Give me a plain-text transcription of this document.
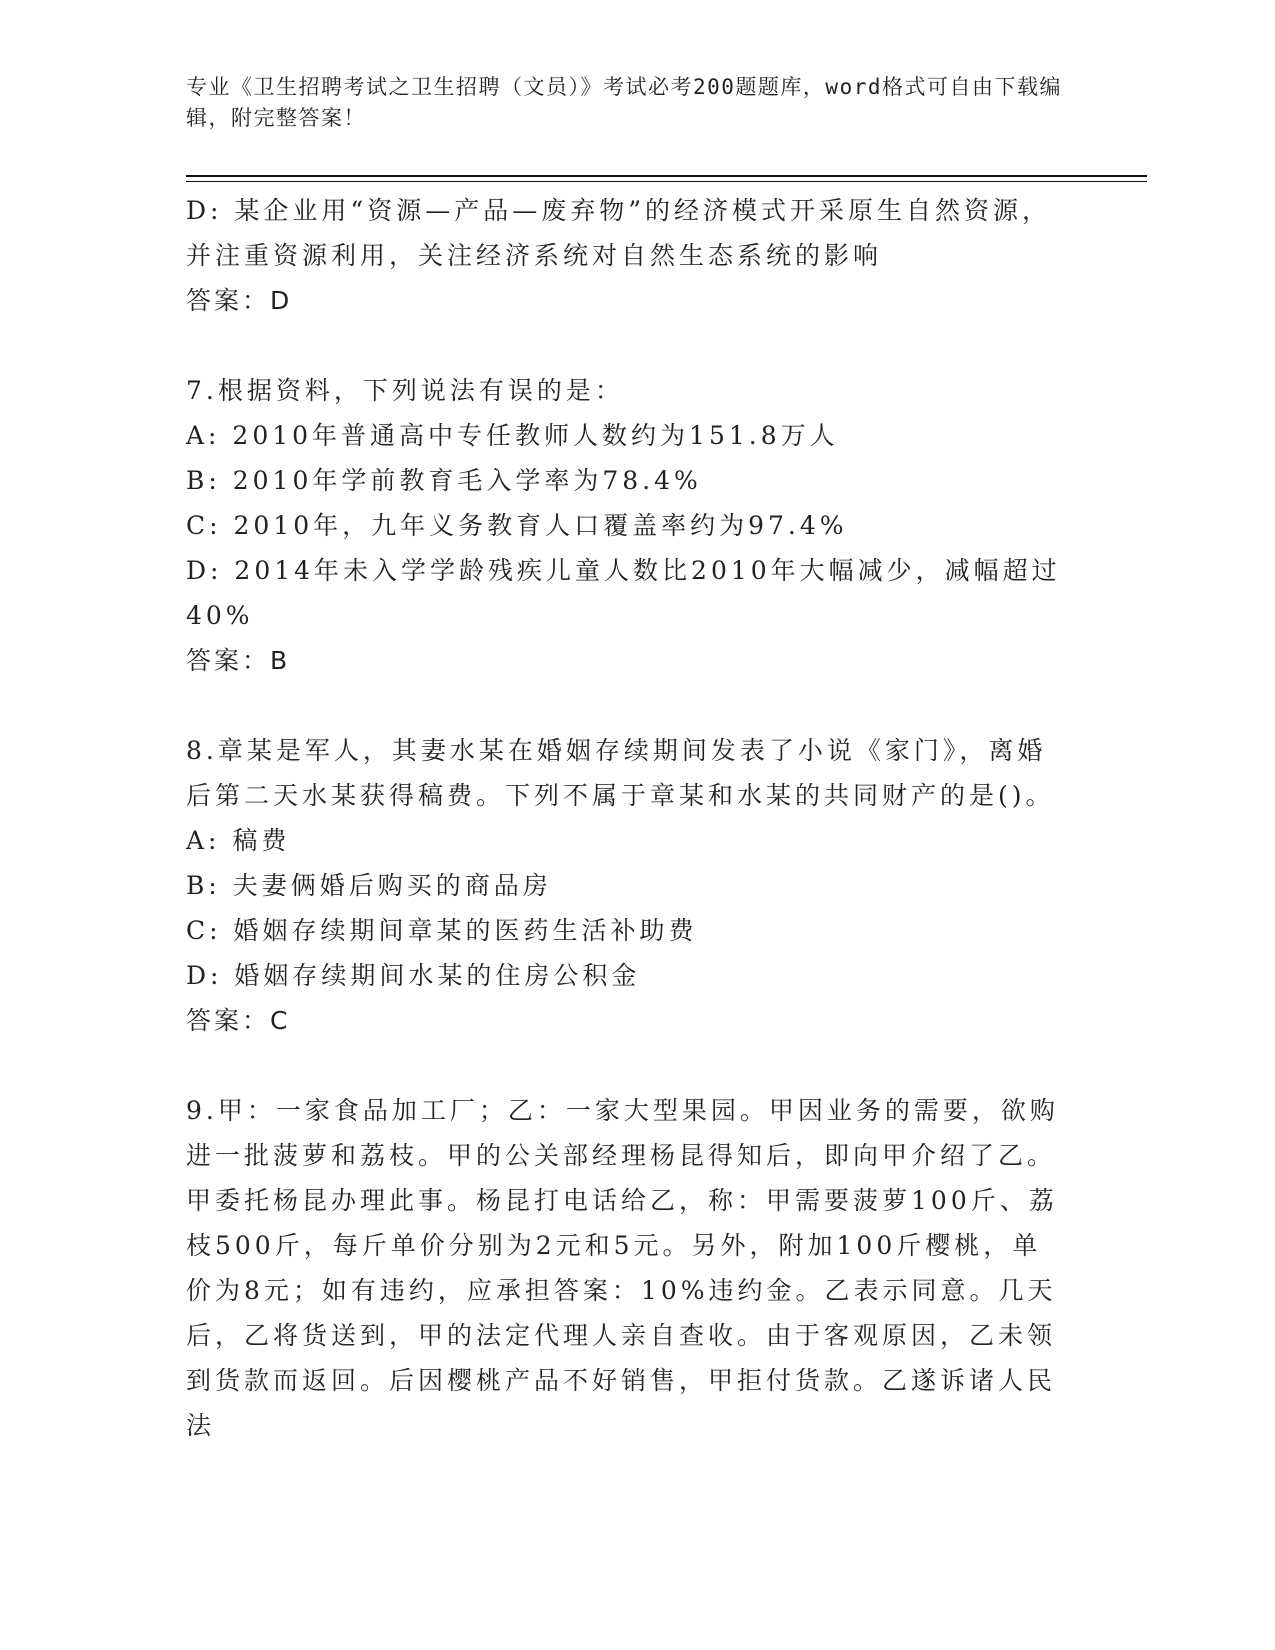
专业《卫生招聘考试之卫生招聘（文员）》考试必考200题题库，word格式可自由下载编辑，附完整答案！

D: 某企业用“资源—产品—废弃物”的经济模式开采原生自然资源，并注重资源利用，关注经济系统对自然生态系统的影响

答案：D

7.根据资料，下列说法有误的是：

A: 2010年普通高中专任教师人数约为151.8万人

B: 2010年学前教育毛入学率为78.4%

C: 2010年，九年义务教育人口覆盖率约为97.4%

D: 2014年未入学学龄残疾儿童人数比2010年大幅减少，减幅超过40%

答案：B

8.章某是军人，其妻水某在婚姻存续期间发表了小说《家门》，离婚后第二天水某获得稿费。下列不属于章某和水某的共同财产的是()。

A: 稿费

B: 夫妻俩婚后购买的商品房

C: 婚姻存续期间章某的医药生活补助费

D: 婚姻存续期间水某的住房公积金

答案：C

9.甲：一家食品加工厂；乙：一家大型果园。甲因业务的需要，欲购进一批菠萝和荔枝。甲的公关部经理杨昆得知后，即向甲介绍了乙。甲委托杨昆办理此事。杨昆打电话给乙，称：甲需要菠萝100斤、荔枝500斤，每斤单价分别为2元和5元。另外，附加100斤樱桃，单价为8元；如有违约，应承担答案：10%违约金。乙表示同意。几天后，乙将货送到，甲的法定代理人亲自查收。由于客观原因，乙未领到货款而返回。后因樱桃产品不好销售，甲拒付货款。乙遂诉诸人民法
